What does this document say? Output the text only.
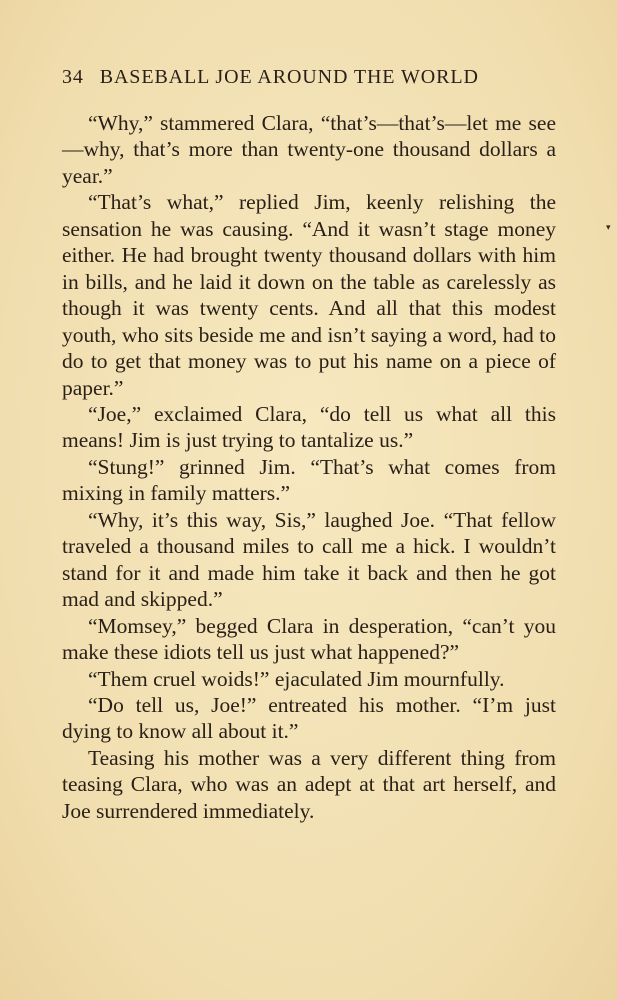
34 BASEBALL JOE AROUND THE WORLD

“Why,” stammered Clara, “that’s—that’s—let me see—why, that’s more than twenty-one thousand dollars a year.”

“That’s what,” replied Jim, keenly relishing the sensation he was causing. “And it wasn’t stage money either. He had brought twenty thousand dollars with him in bills, and he laid it down on the table as carelessly as though it was twenty cents. And all that this modest youth, who sits beside me and isn’t saying a word, had to do to get that money was to put his name on a piece of paper.”

“Joe,” exclaimed Clara, “do tell us what all this means! Jim is just trying to tantalize us.”

“Stung!” grinned Jim. “That’s what comes from mixing in family matters.”

“Why, it’s this way, Sis,” laughed Joe. “That fellow traveled a thousand miles to call me a hick. I wouldn’t stand for it and made him take it back and then he got mad and skipped.”

“Momsey,” begged Clara in desperation, “can’t you make these idiots tell us just what happened?”

“Them cruel woids!” ejaculated Jim mournfully.

“Do tell us, Joe!” entreated his mother. “I’m just dying to know all about it.”

Teasing his mother was a very different thing from teasing Clara, who was an adept at that art herself, and Joe surrendered immediately.

▾
